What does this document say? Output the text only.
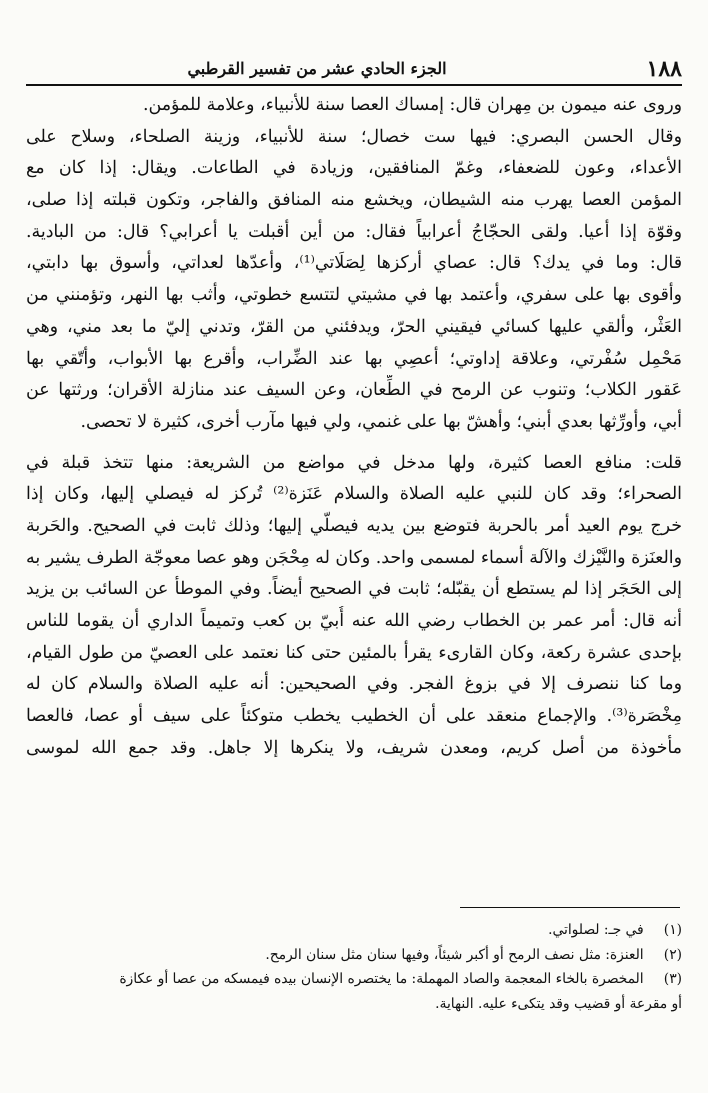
١٨٨
الجزء الحادي عشر من تفسير القرطبي
وروى عنه ميمون بن مِهران قال: إمساك العصا سنة للأنبياء، وعلامة للمؤمن.
وقال الحسن البصري: فيها ست خصال؛ سنة للأنبياء، وزينة الصلحاء، وسلاح على
الأعداء، وعون للضعفاء، وغمّ المنافقين، وزيادة في الطاعات. ويقال: إذا كان مع
المؤمن العصا يهرب منه الشيطان، ويخشع منه المنافق والفاجر، وتكون قبلته إذا صلى،
وقوّة إذا أعيا. ولقى الحجّاجُ أعرابياً فقال: من أين أقبلت يا أعرابي؟ قال: من البادية.
قال: وما في يدك؟ قال: عصاي أركزها لِصَلَاتي⁽¹⁾، وأعدّها لعداتي، وأسوق بها دابتي،
وأقوى بها على سفري، وأعتمد بها في مشيتي لتتسع خطوتي، وأثب بها النهر، وتؤمنني من
العَثْر، وألقي عليها كسائي فيقيني الحرّ، ويدفئني من القرّ، وتدني إليّ ما بعد مني، وهي
مَحْمِل سُفْرتي، وعلاقة إداوتي؛ أعصِي بها عند الضِّراب، وأقرع بها الأبواب، وأتّقي بها
عَقور الكلاب؛ وتنوب عن الرمح في الطِّعان، وعن السيف عند منازلة الأقران؛ ورثتها عن
أبي، وأورِّثها بعدي أبني؛ وأهشّ بها على غنمي، ولي فيها مآرب أخرى، كثيرة لا تحصى.
قلت: منافع العصا كثيرة، ولها مدخل في مواضع من الشريعة: منها تتخذ قبلة في
الصحراء؛ وقد كان للنبي عليه الصلاة والسلام عَنَزة⁽²⁾ تُركز له فيصلي إليها، وكان إذا
خرج يوم العيد أمر بالحربة فتوضع بين يديه فيصلّي إليها؛ وذلك ثابت في الصحيح. والحَربة
والعنَزة والنَّيْزك والآلة أسماء لمسمى واحد. وكان له مِحْجَن وهو عصا معوجّة الطرف يشير به
إلى الحَجَر إذا لم يستطع أن يقبّله؛ ثابت في الصحيح أيضاً. وفي الموطأ عن السائب بن يزيد
أنه قال: أمر عمر بن الخطاب رضي الله عنه أُبيّ بن كعب وتميماً الداري أن يقوما للناس
بإحدى عشرة ركعة، وكان القارىء يقرأ بالمئين حتى كنا نعتمد على العصيّ من طول القيام،
وما كنا ننصرف إلا في بزوغ الفجر. وفي الصحيحين: أنه عليه الصلاة والسلام كان له
مِخْصَرة⁽³⁾. والإجماع منعقد على أن الخطيب يخطب متوكئاً على سيف أو عصا، فالعصا
مأخوذة من أصل كريم، ومعدن شريف، ولا ينكرها إلا جاهل. وقد جمع الله لموسى
(١) في جـ: لصلواتي.
(٢) العنزة: مثل نصف الرمح أو أكبر شيئاً، وفيها سنان مثل سنان الرمح.
(٣) المخصرة بالخاء المعجمة والصاد المهملة: ما يختصره الإنسان بيده فيمسكه من عصا أو عكازة
أو مقرعة أو قضيب وقد يتكىء عليه. النهاية.
